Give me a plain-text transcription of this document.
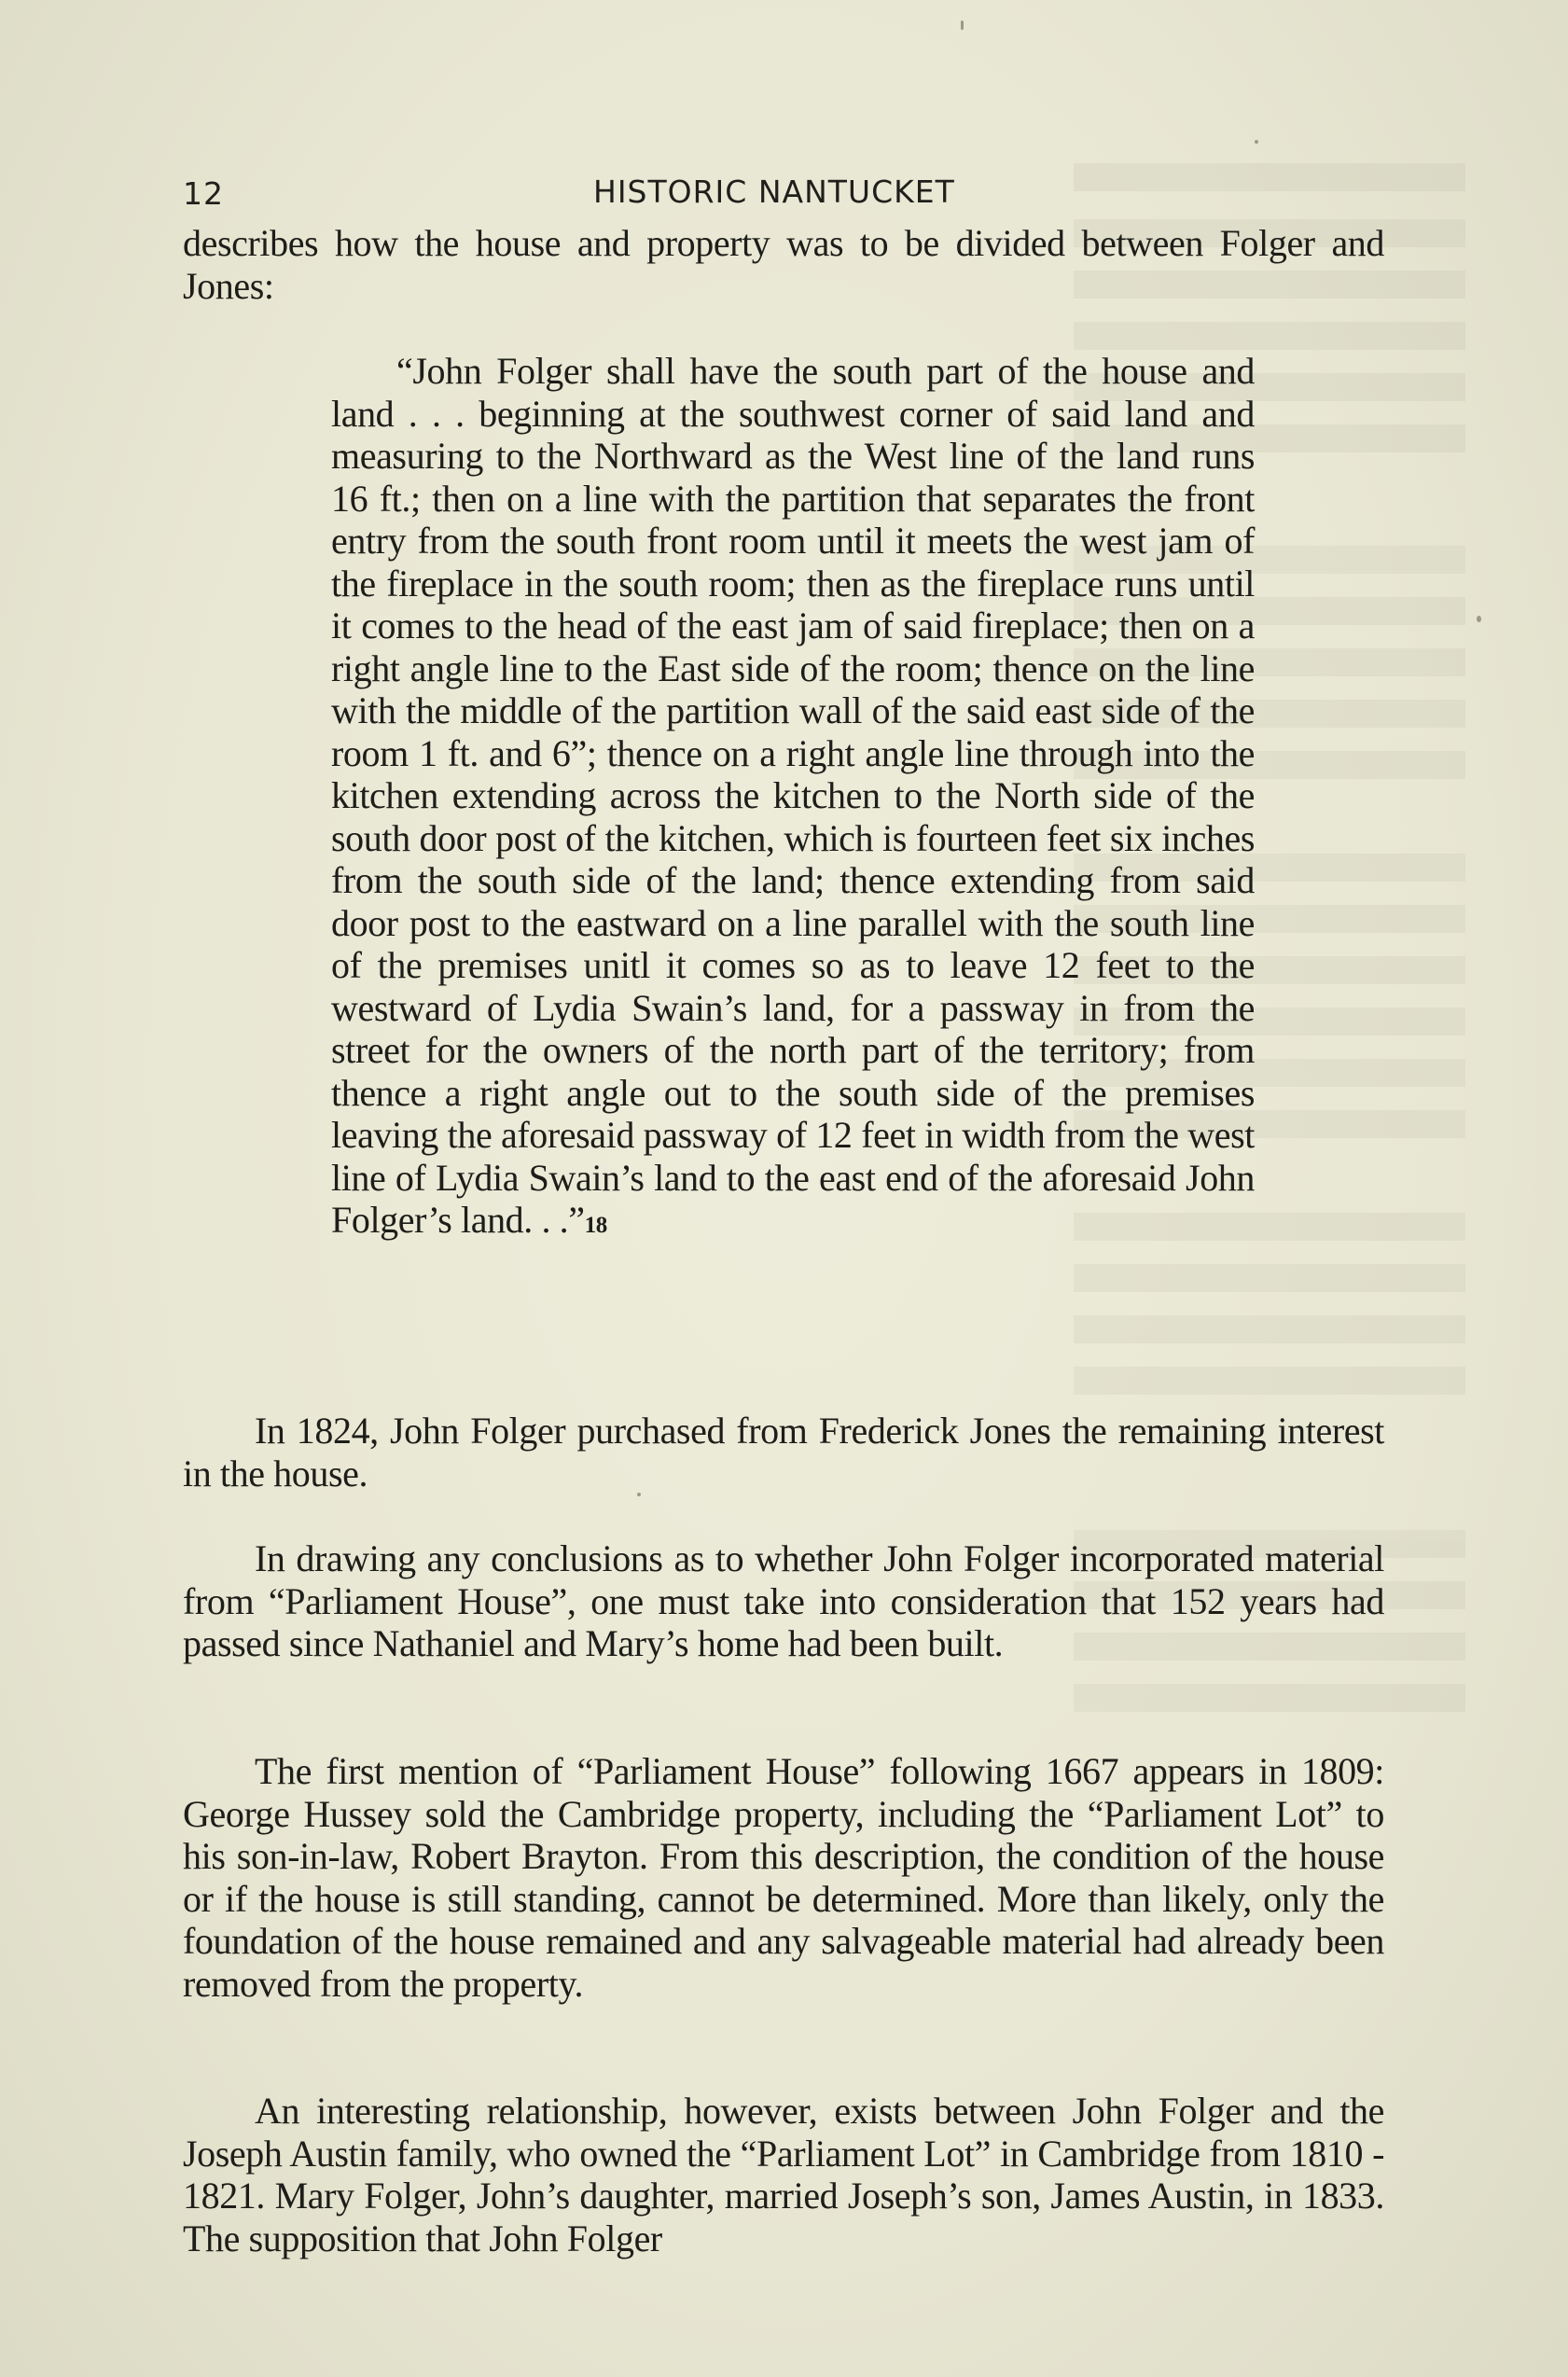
12	HISTORIC NANTUCKET

describes how the house and property was to be divided between Folger and Jones:

“John Folger shall have the south part of the house and land . . . beginning at the southwest corner of said land and measuring to the Northward as the West line of the land runs 16 ft.; then on a line with the partition that separates the front entry from the south front room until it meets the west jam of the fireplace in the south room; then as the fireplace runs until it comes to the head of the east jam of said fireplace; then on a right angle line to the East side of the room; thence on the line with the middle of the partition wall of the said east side of the room 1 ft. and 6”; thence on a right angle line through into the kitchen extending across the kitchen to the North side of the south door post of the kitchen, which is fourteen feet six inches from the south side of the land; thence extending from said door post to the eastward on a line parallel with the south line of the premises unitl it comes so as to leave 12 feet to the westward of Lydia Swain’s land, for a passway in from the street for the owners of the north part of the territory; from thence a right angle out to the south side of the premises leaving the aforesaid passway of 12 feet in width from the west line of Lydia Swain’s land to the east end of the aforesaid John Folger’s land. . .”18

In 1824, John Folger purchased from Frederick Jones the remaining interest in the house.

In drawing any conclusions as to whether John Folger incorporated material from “Parliament House”, one must take into consideration that 152 years had passed since Nathaniel and Mary’s home had been built.

The first mention of “Parliament House” following 1667 appears in 1809: George Hussey sold the Cambridge property, including the “Parliament Lot” to his son-in-law, Robert Brayton. From this description, the condition of the house or if the house is still standing, cannot be determined. More than likely, only the foundation of the house remained and any salvageable material had already been removed from the property.

An interesting relationship, however, exists between John Folger and the Joseph Austin family, who owned the “Parliament Lot” in Cambridge from 1810 - 1821. Mary Folger, John’s daughter, married Joseph’s son, James Austin, in 1833. The supposition that John Folger
